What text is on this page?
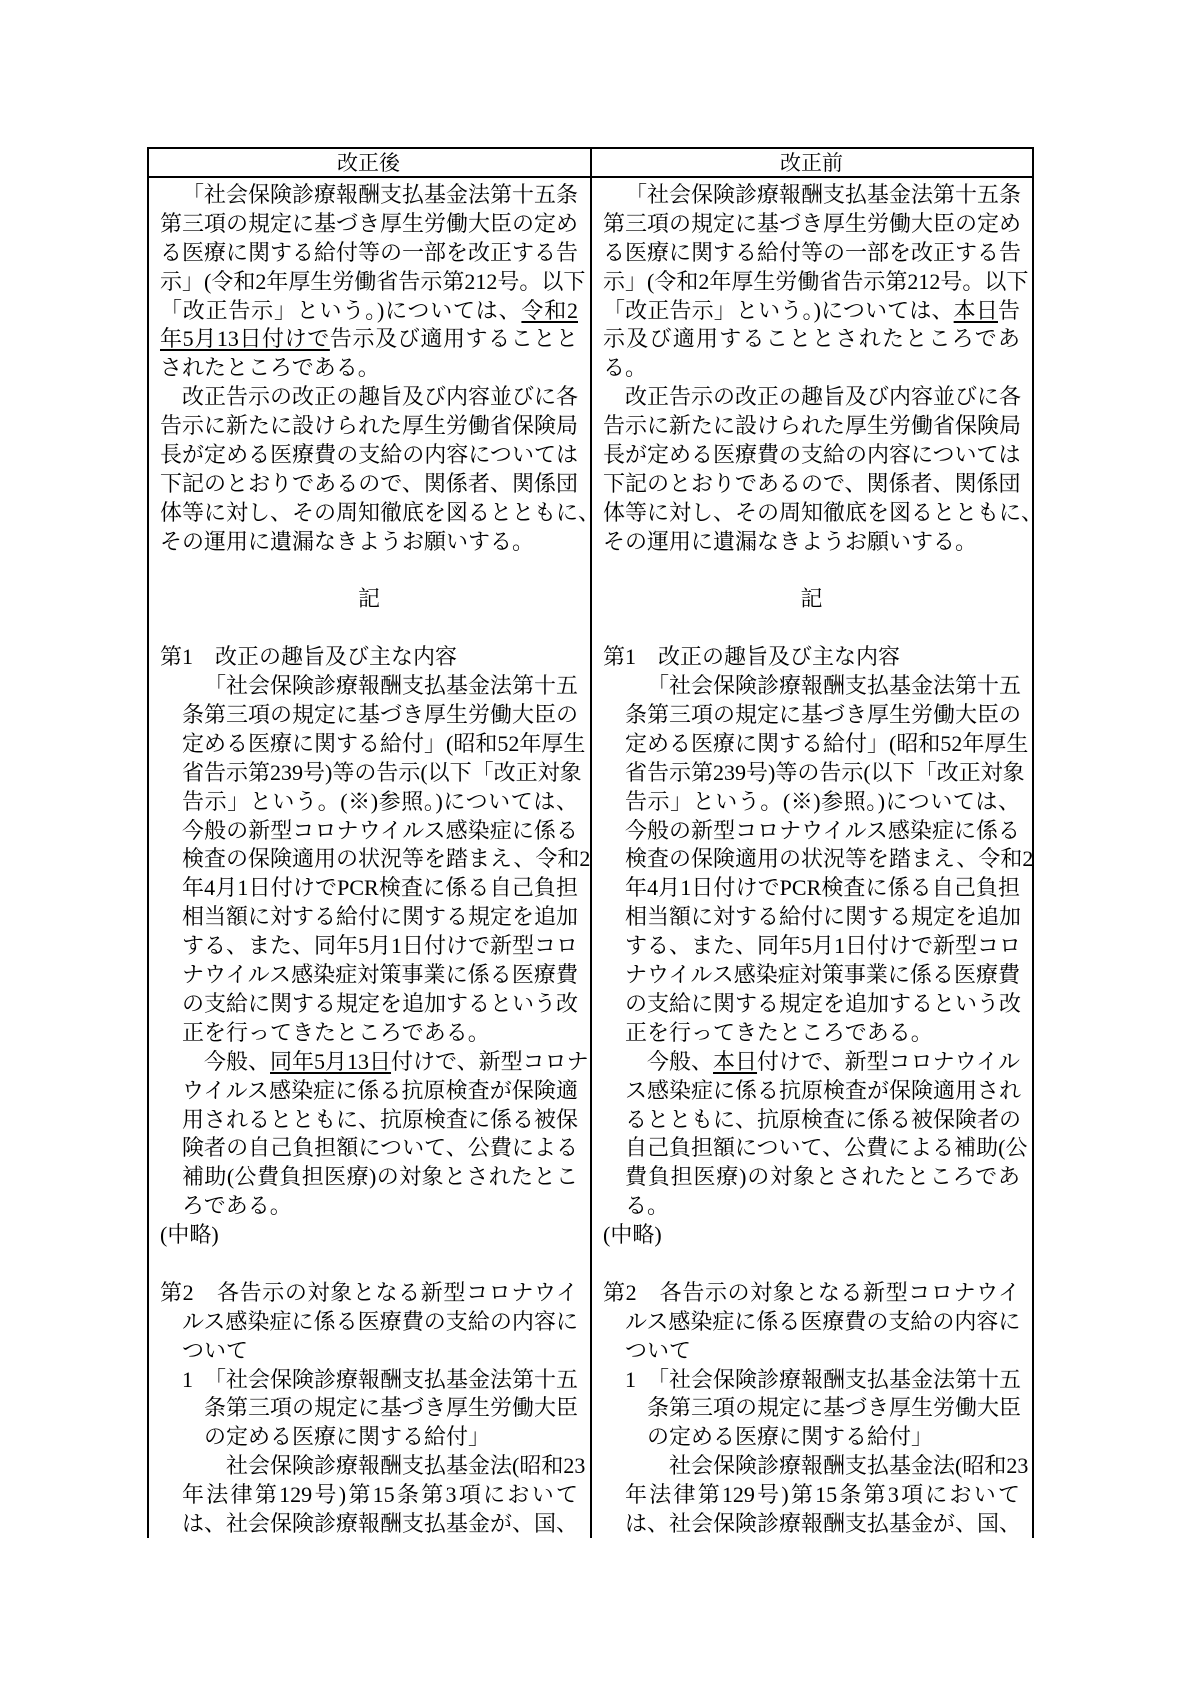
改正後	改正前
「社会保険診療報酬支払基金法第十五条
第三項の規定に基づき厚生労働大臣の定め
る医療に関する給付等の一部を改正する告
示」(令和2年厚生労働省告示第212号。以下
「改正告示」という。)については、令和2
年5月13日付けで告示及び適用することと
されたところである。
改正告示の改正の趣旨及び内容並びに各
告示に新たに設けられた厚生労働省保険局
長が定める医療費の支給の内容については
下記のとおりであるので、関係者、関係団
体等に対し、その周知徹底を図るとともに、
その運用に遺漏なきようお願いする。

記

第1　改正の趣旨及び主な内容
「社会保険診療報酬支払基金法第十五
条第三項の規定に基づき厚生労働大臣の
定める医療に関する給付」(昭和52年厚生
省告示第239号)等の告示(以下「改正対象
告示」という。(※)参照。)については、
今般の新型コロナウイルス感染症に係る
検査の保険適用の状況等を踏まえ、令和2
年4月1日付けでPCR検査に係る自己負担
相当額に対する給付に関する規定を追加
する、また、同年5月1日付けで新型コロ
ナウイルス感染症対策事業に係る医療費
の支給に関する規定を追加するという改
正を行ってきたところである。
今般、同年5月13日付けで、新型コロナ
ウイルス感染症に係る抗原検査が保険適
用されるとともに、抗原検査に係る被保
険者の自己負担額について、公費による
補助(公費負担医療)の対象とされたとこ
ろである。
(中略)

第2　各告示の対象となる新型コロナウイ
ルス感染症に係る医療費の支給の内容に
ついて
1　「社会保険診療報酬支払基金法第十五
条第三項の規定に基づき厚生労働大臣
の定める医療に関する給付」
社会保険診療報酬支払基金法(昭和23
年法律第129号)第15条第3項において
は、社会保険診療報酬支払基金が、国、
「社会保険診療報酬支払基金法第十五条
第三項の規定に基づき厚生労働大臣の定め
る医療に関する給付等の一部を改正する告
示」(令和2年厚生労働省告示第212号。以下
「改正告示」という。)については、本日告
示及び適用することとされたところであ
る。
改正告示の改正の趣旨及び内容並びに各
告示に新たに設けられた厚生労働省保険局
長が定める医療費の支給の内容については
下記のとおりであるので、関係者、関係団
体等に対し、その周知徹底を図るとともに、
その運用に遺漏なきようお願いする。

記

第1　改正の趣旨及び主な内容
「社会保険診療報酬支払基金法第十五
条第三項の規定に基づき厚生労働大臣の
定める医療に関する給付」(昭和52年厚生
省告示第239号)等の告示(以下「改正対象
告示」という。(※)参照。)については、
今般の新型コロナウイルス感染症に係る
検査の保険適用の状況等を踏まえ、令和2
年4月1日付けでPCR検査に係る自己負担
相当額に対する給付に関する規定を追加
する、また、同年5月1日付けで新型コロ
ナウイルス感染症対策事業に係る医療費
の支給に関する規定を追加するという改
正を行ってきたところである。
今般、本日付けで、新型コロナウイル
ス感染症に係る抗原検査が保険適用され
るとともに、抗原検査に係る被保険者の
自己負担額について、公費による補助(公
費負担医療)の対象とされたところであ
る。
(中略)

第2　各告示の対象となる新型コロナウイ
ルス感染症に係る医療費の支給の内容に
ついて
1　「社会保険診療報酬支払基金法第十五
条第三項の規定に基づき厚生労働大臣
の定める医療に関する給付」
社会保険診療報酬支払基金法(昭和23
年法律第129号)第15条第3項において
は、社会保険診療報酬支払基金が、国、
